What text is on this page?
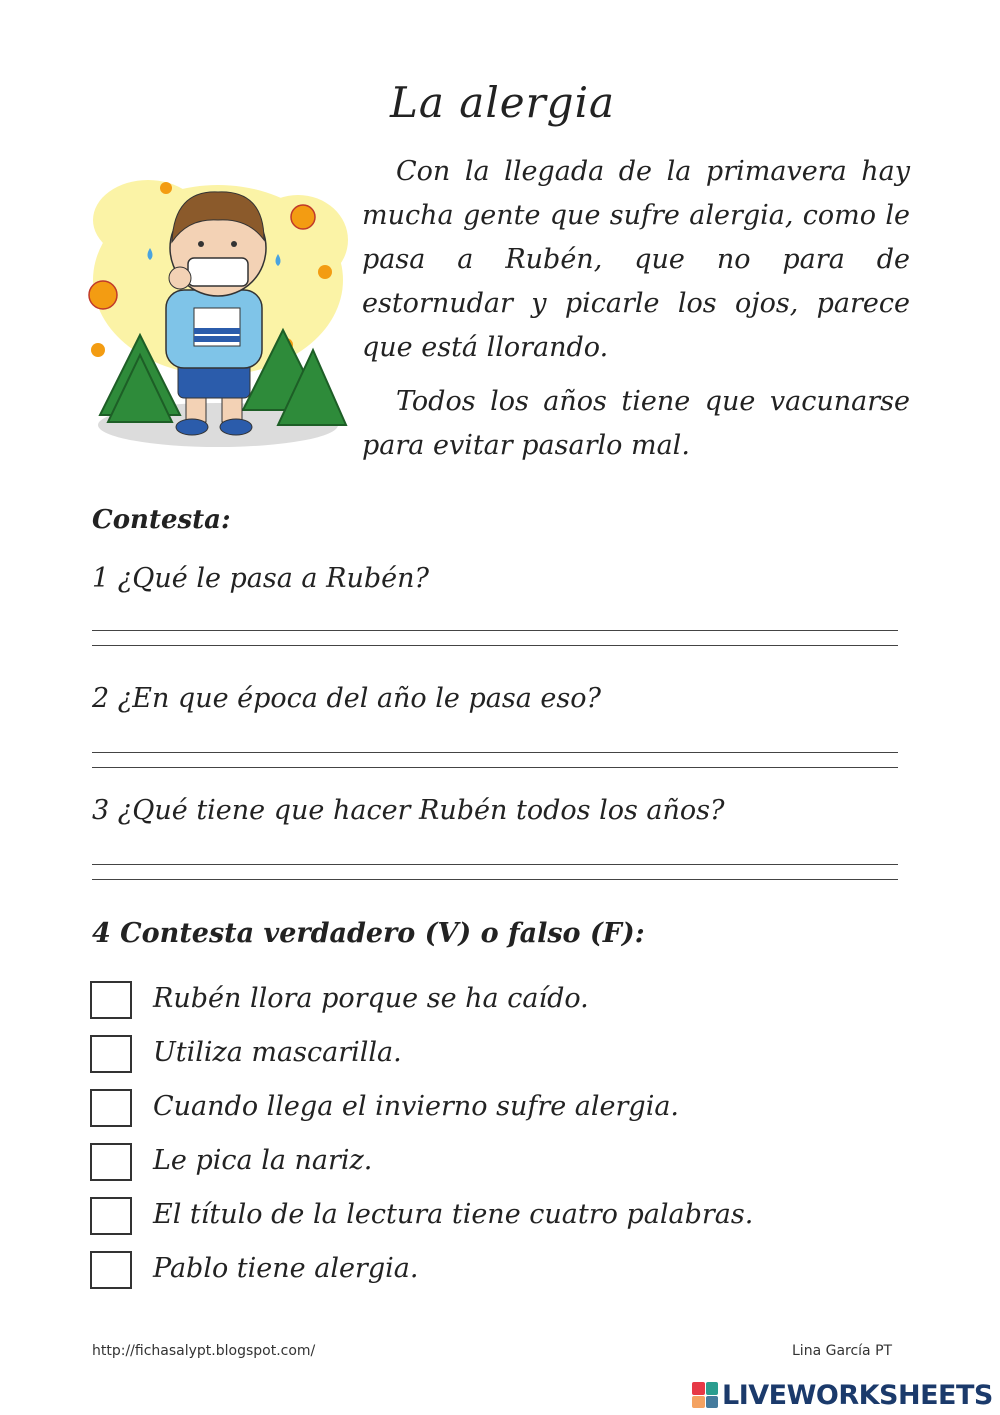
La alergia

Con la llegada de la primavera hay mucha gente que sufre alergia, como le pasa a Rubén, que no para de estornudar y picarle los ojos, parece que está llorando.

Todos los años tiene que vacunarse para evitar pasarlo mal.

Contesta:
1 ¿Qué le pasa a Rubén?
2 ¿En que época del año le pasa eso?
3 ¿Qué tiene que hacer Rubén todos los años?
4 Contesta verdadero (V) o falso (F):
Rubén llora porque se ha caído.
Utiliza mascarilla.
Cuando llega el invierno sufre alergia.
Le pica la nariz.
El título de la lectura tiene cuatro palabras.
Pablo tiene alergia.
http://fichasalypt.blogspot.com/	Lina García PT
LIVEWORKSHEETS
